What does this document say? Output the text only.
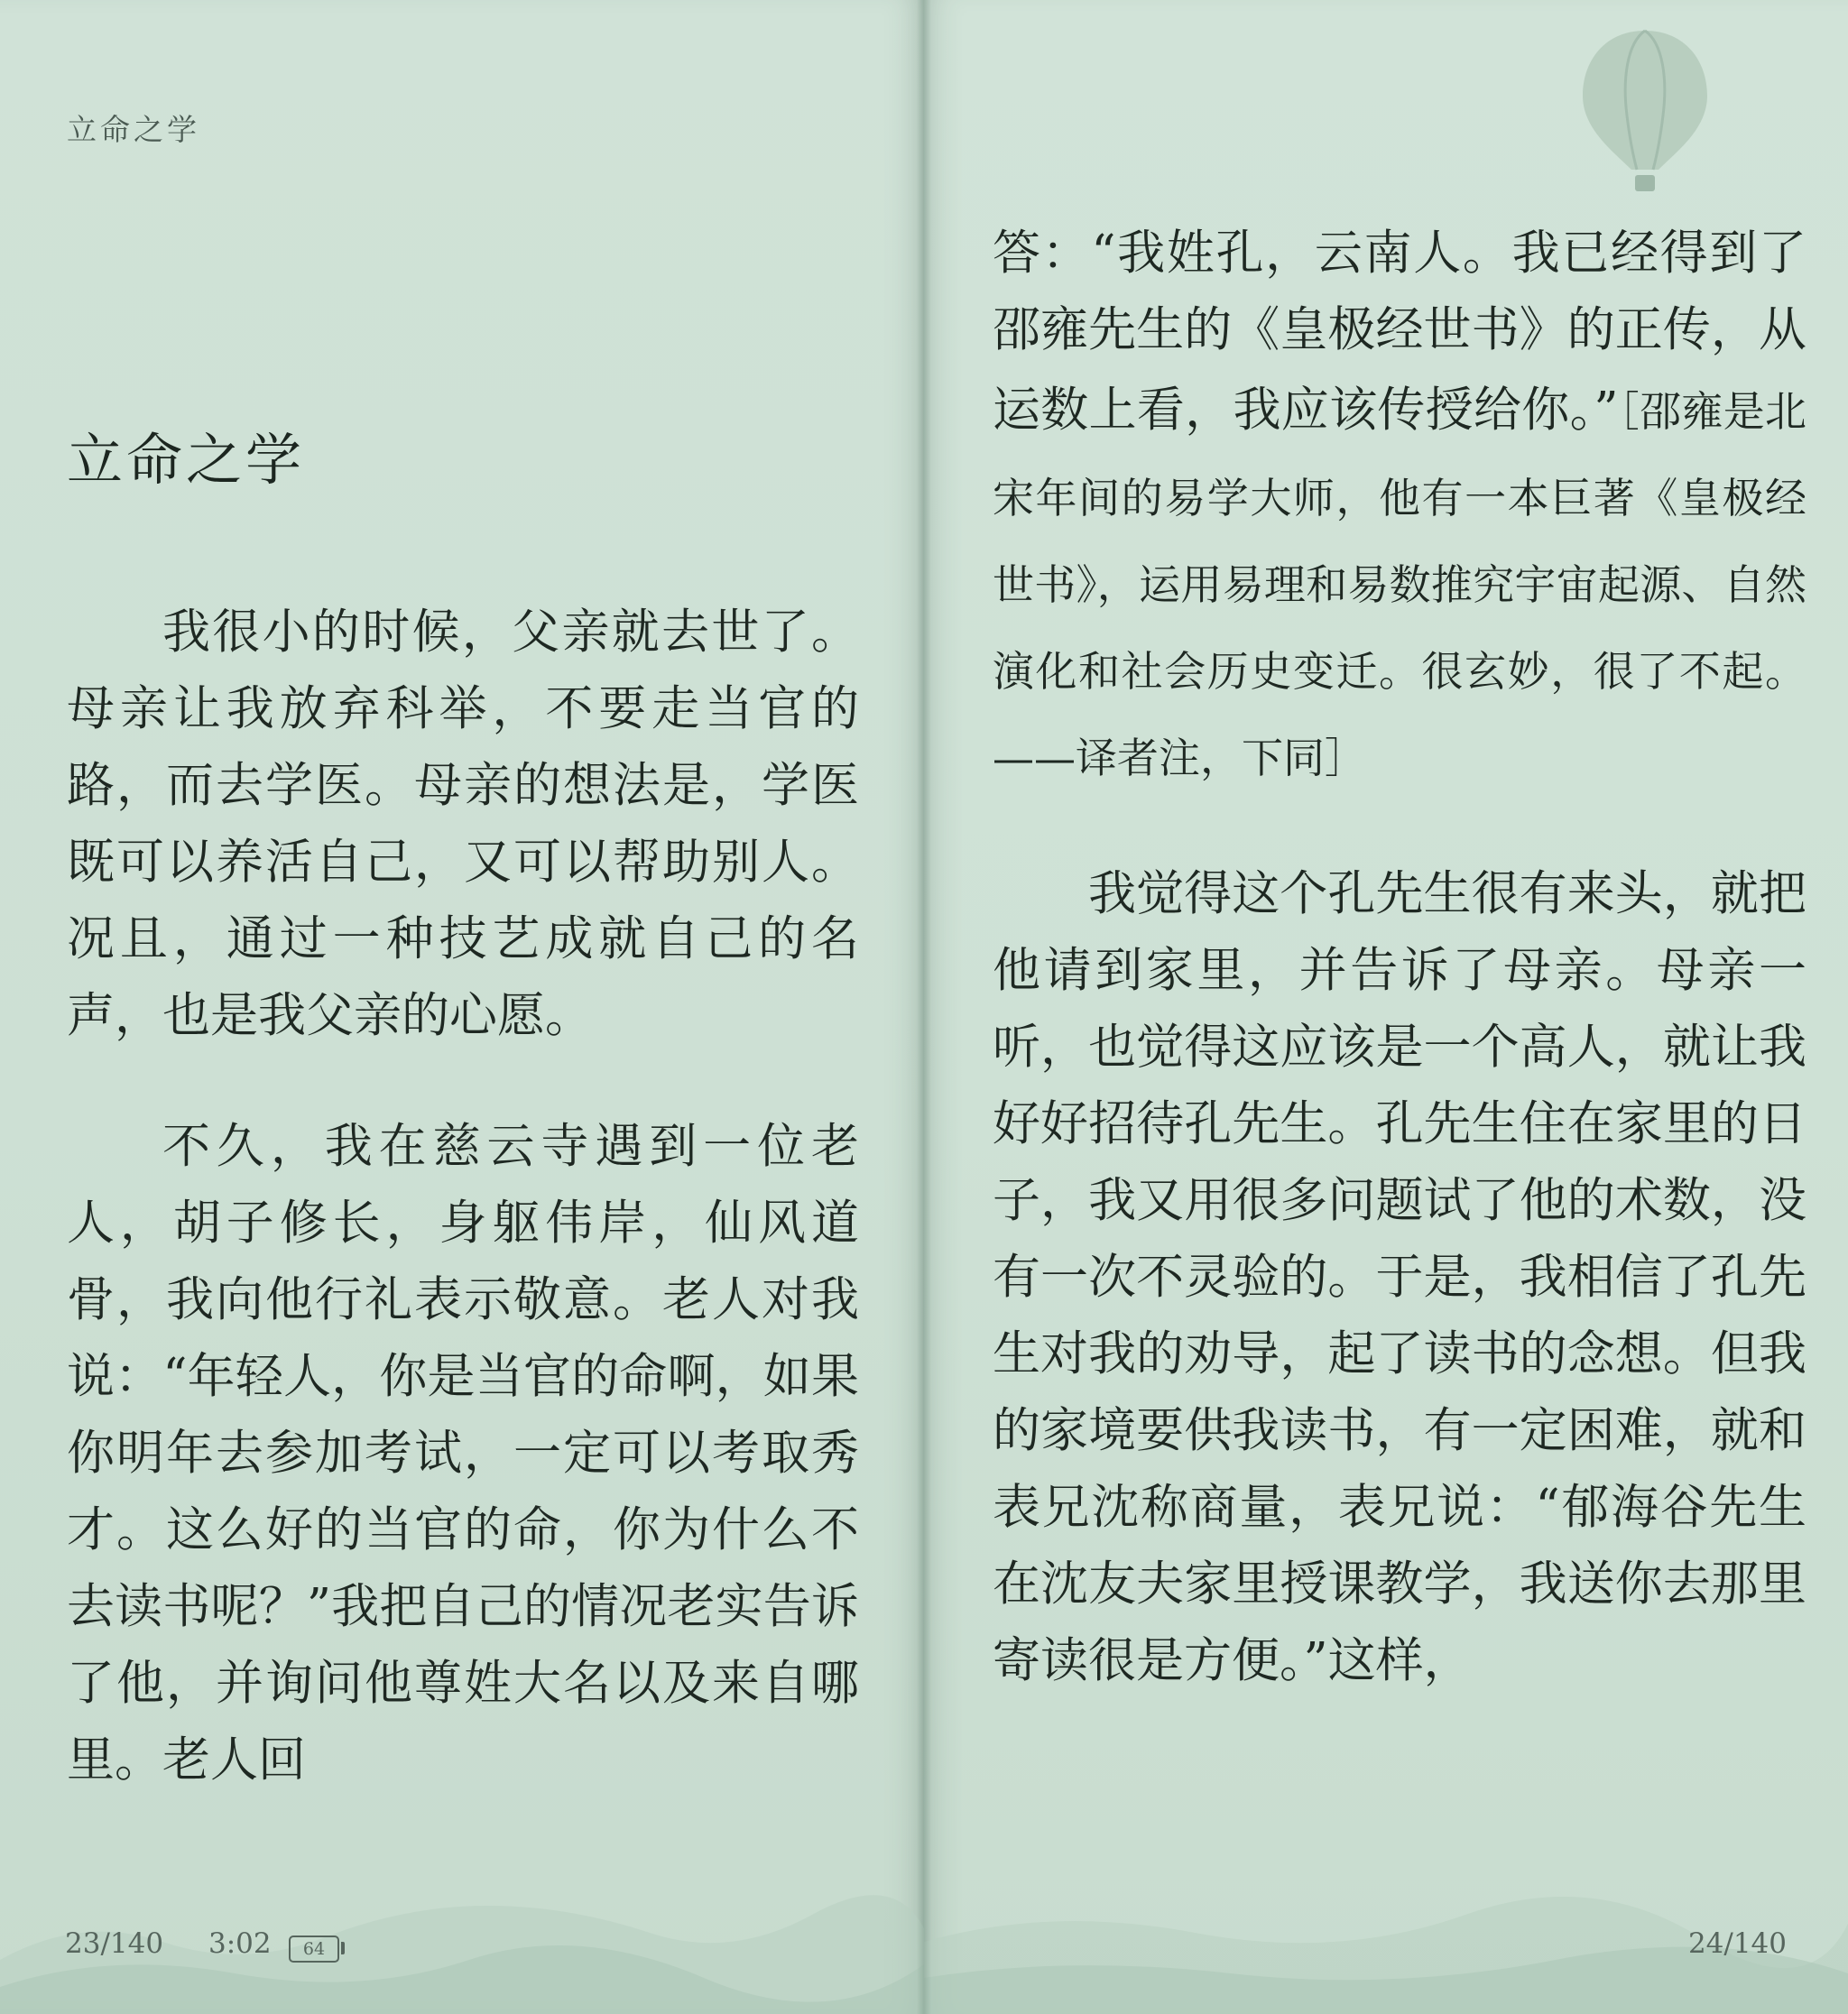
立命之学
立命之学

我很小的时候，父亲就去世了。母亲让我放弃科举，不要走当官的路，而去学医。母亲的想法是，学医既可以养活自己，又可以帮助别人。况且，通过一种技艺成就自己的名声，也是我父亲的心愿。

不久，我在慈云寺遇到一位老人，胡子修长，身躯伟岸，仙风道骨，我向他行礼表示敬意。老人对我说：“年轻人，你是当官的命啊，如果你明年去参加考试，一定可以考取秀才。这么好的当官的命，你为什么不去读书呢？”我把自己的情况老实告诉了他，并询问他尊姓大名以及来自哪里。老人回

23/140 3:02	64

答：“我姓孔，云南人。我已经得到了邵雍先生的《皇极经世书》的正传，从运数上看，我应该传授给你。”［邵雍是北宋年间的易学大师，他有一本巨著《皇极经世书》，运用易理和易数推究宇宙起源、自然演化和社会历史变迁。很玄妙，很了不起。——译者注，下同］

我觉得这个孔先生很有来头，就把他请到家里，并告诉了母亲。母亲一听，也觉得这应该是一个高人，就让我好好招待孔先生。孔先生住在家里的日子，我又用很多问题试了他的术数，没有一次不灵验的。于是，我相信了孔先生对我的劝导，起了读书的念想。但我的家境要供我读书，有一定困难，就和表兄沈称商量，表兄说：“郁海谷先生在沈友夫家里授课教学，我送你去那里寄读很是方便。”这样，

24/140
